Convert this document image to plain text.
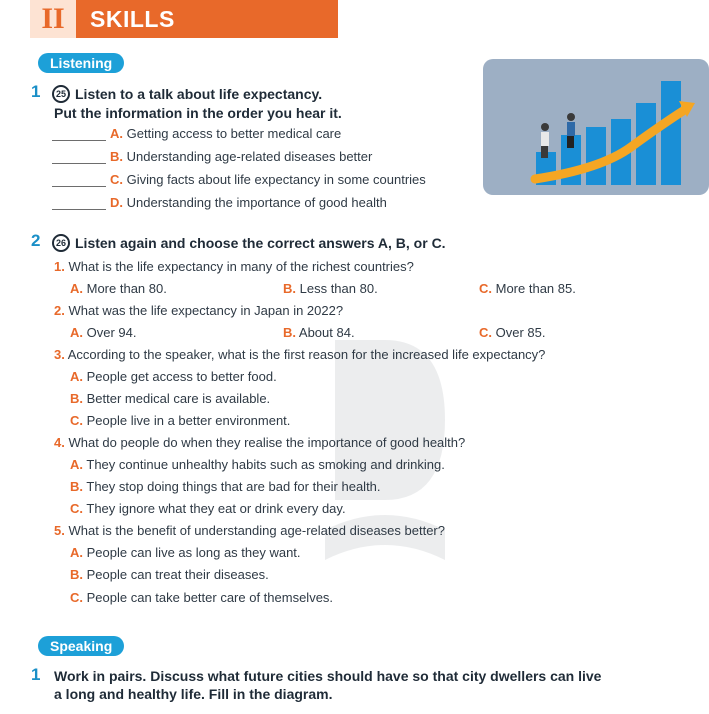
II	SKILLS
Listening
1 25 Listen to a talk about life expectancy.
Put the information in the order you hear it.
A. Getting access to better medical care
B. Understanding age-related diseases better
C. Giving facts about life expectancy in some countries
D. Understanding the importance of good health
2 26 Listen again and choose the correct answers A, B, or C.
1. What is the life expectancy in many of the richest countries?
A. More than 80.	B. Less than 80.	C. More than 85.
2. What was the life expectancy in Japan in 2022?
A. Over 94.	B. About 84.	C. Over 85.
3. According to the speaker, what is the first reason for the increased life expectancy?
A. People get access to better food.
B. Better medical care is available.
C. People live in a better environment.
4. What do people do when they realise the importance of good health?
A. They continue unhealthy habits such as smoking and drinking.
B. They stop doing things that are bad for their health.
C. They ignore what they eat or drink every day.
5. What is the benefit of understanding age-related diseases better?
A. People can live as long as they want.
B. People can treat their diseases.
C. People can take better care of themselves.
Speaking
1 Work in pairs. Discuss what future cities should have so that city dwellers can live
a long and healthy life. Fill in the diagram.
